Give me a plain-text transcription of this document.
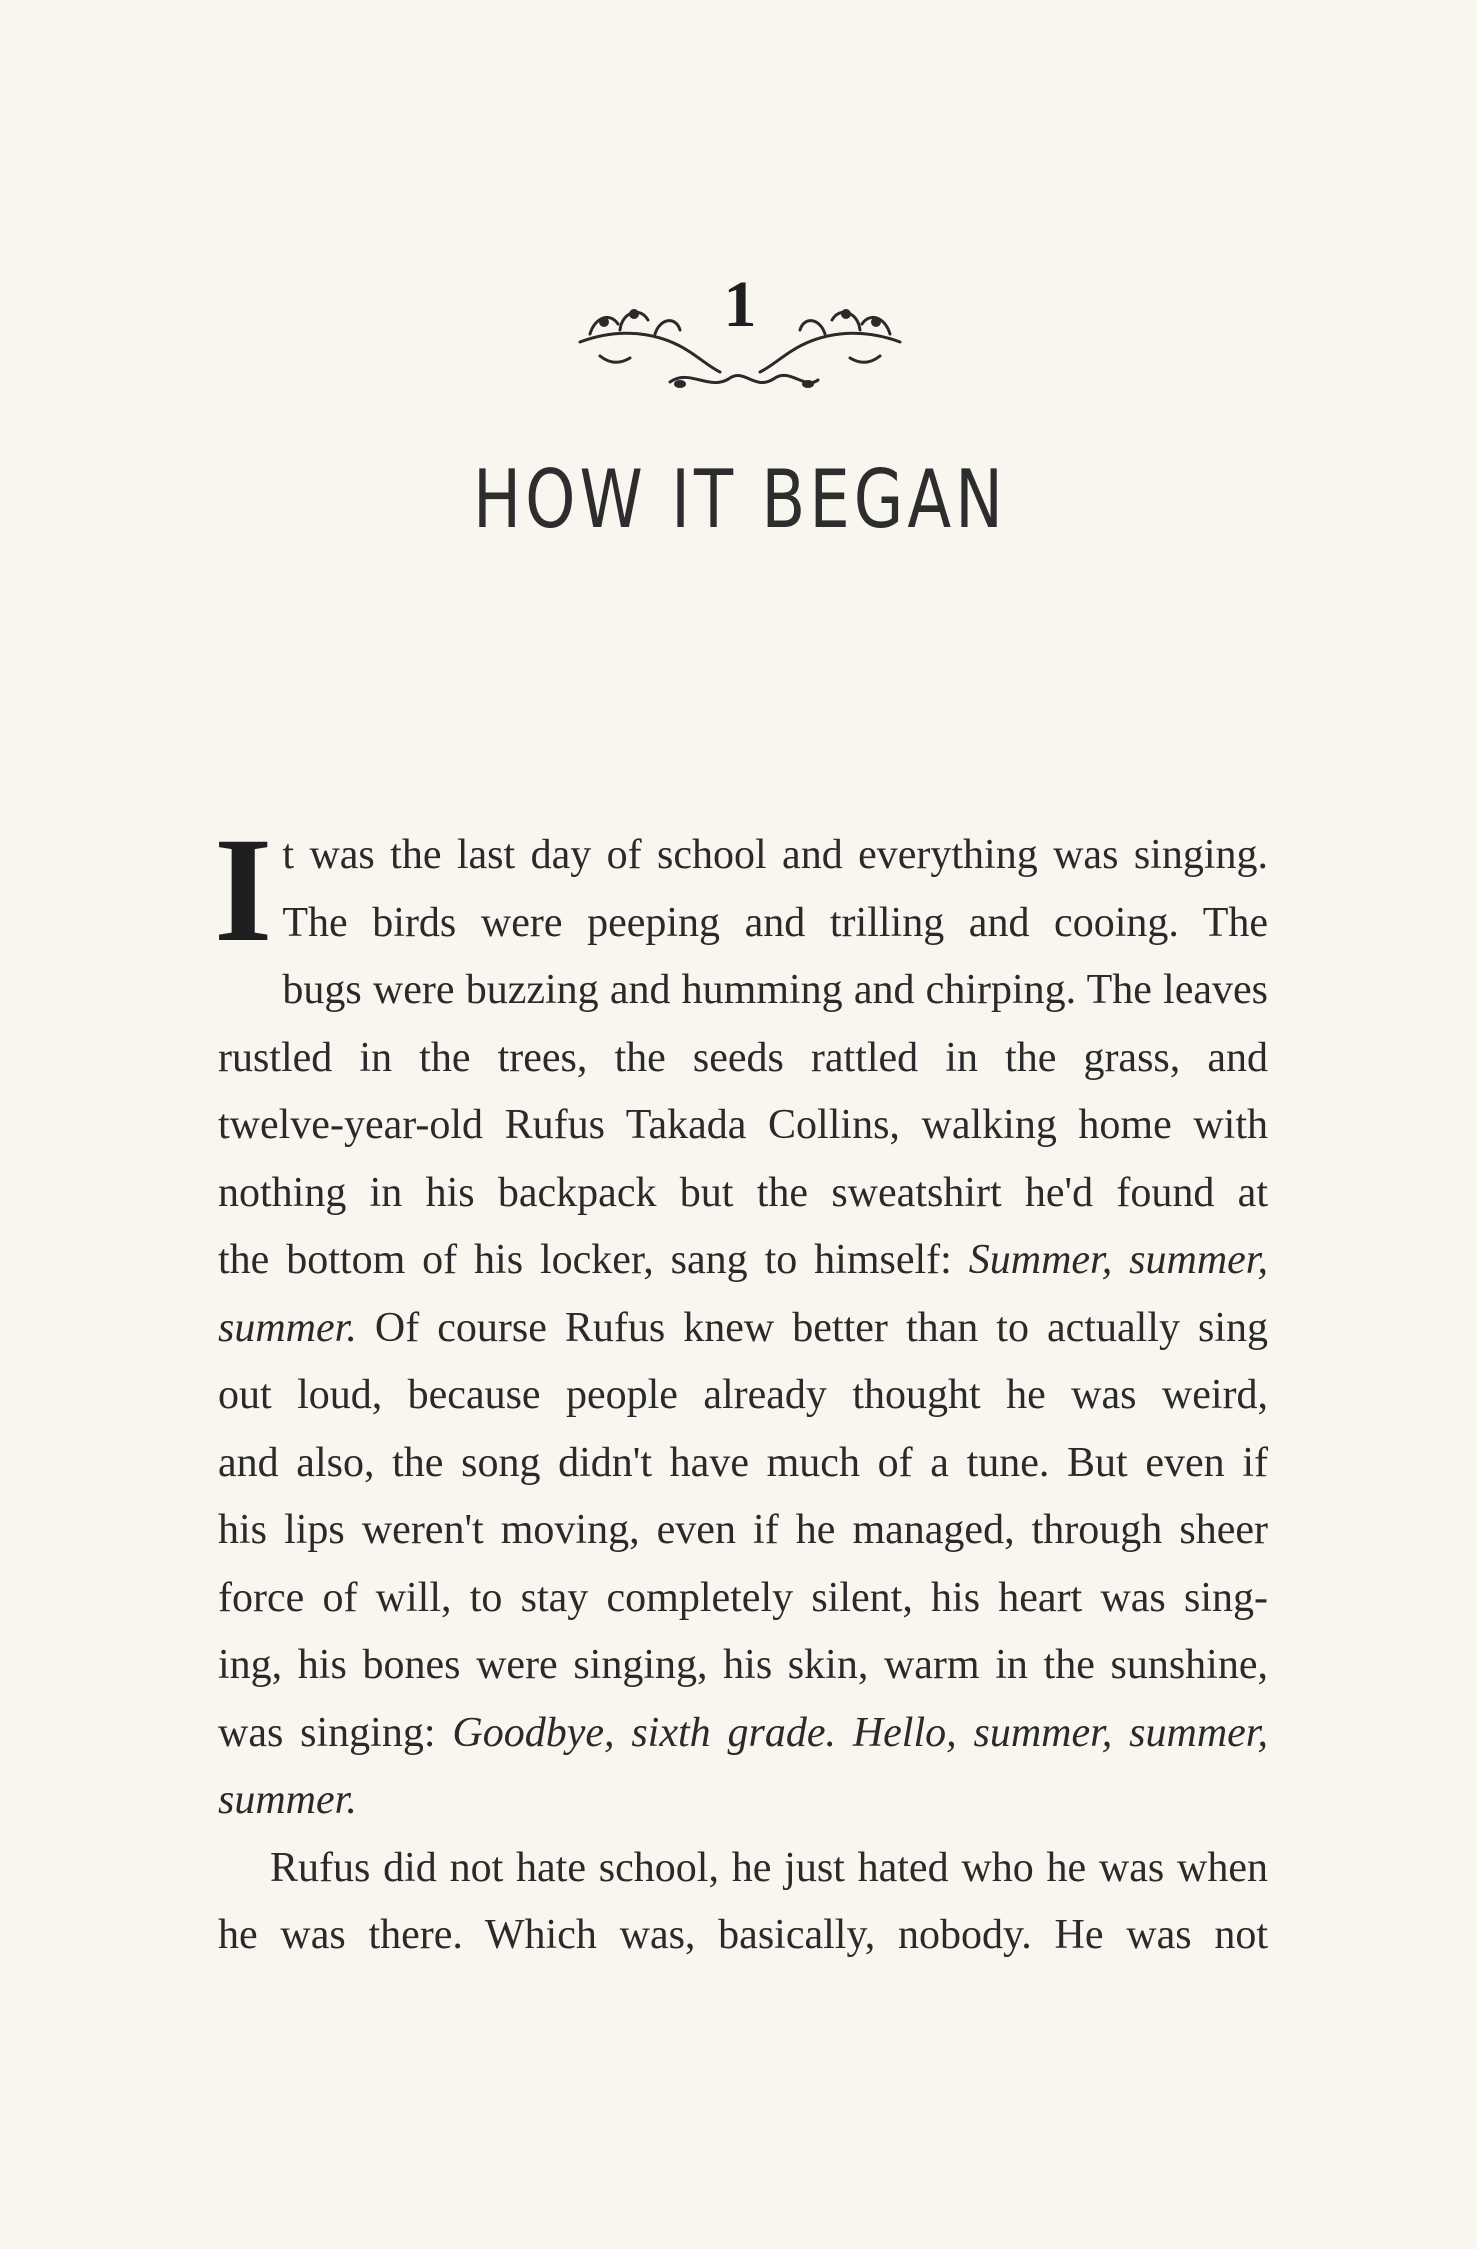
1
HOW IT BEGAN
I t was the last day of school and everything was singing.
The birds were peeping and trilling and cooing. The
bugs were buzzing and humming and chirping. The leaves
rustled in the trees, the seeds rattled in the grass, and
twelve-year-old Rufus Takada Collins, walking home with
nothing in his backpack but the sweatshirt he'd found at
the bottom of his locker, sang to himself: Summer, summer,
summer. Of course Rufus knew better than to actually sing
out loud, because people already thought he was weird,
and also, the song didn't have much of a tune. But even if
his lips weren't moving, even if he managed, through sheer
force of will, to stay completely silent, his heart was sing-
ing, his bones were singing, his skin, warm in the sunshine,
was singing: Goodbye, sixth grade. Hello, summer, summer,
summer.
Rufus did not hate school, he just hated who he was when
he was there. Which was, basically, nobody. He was not
